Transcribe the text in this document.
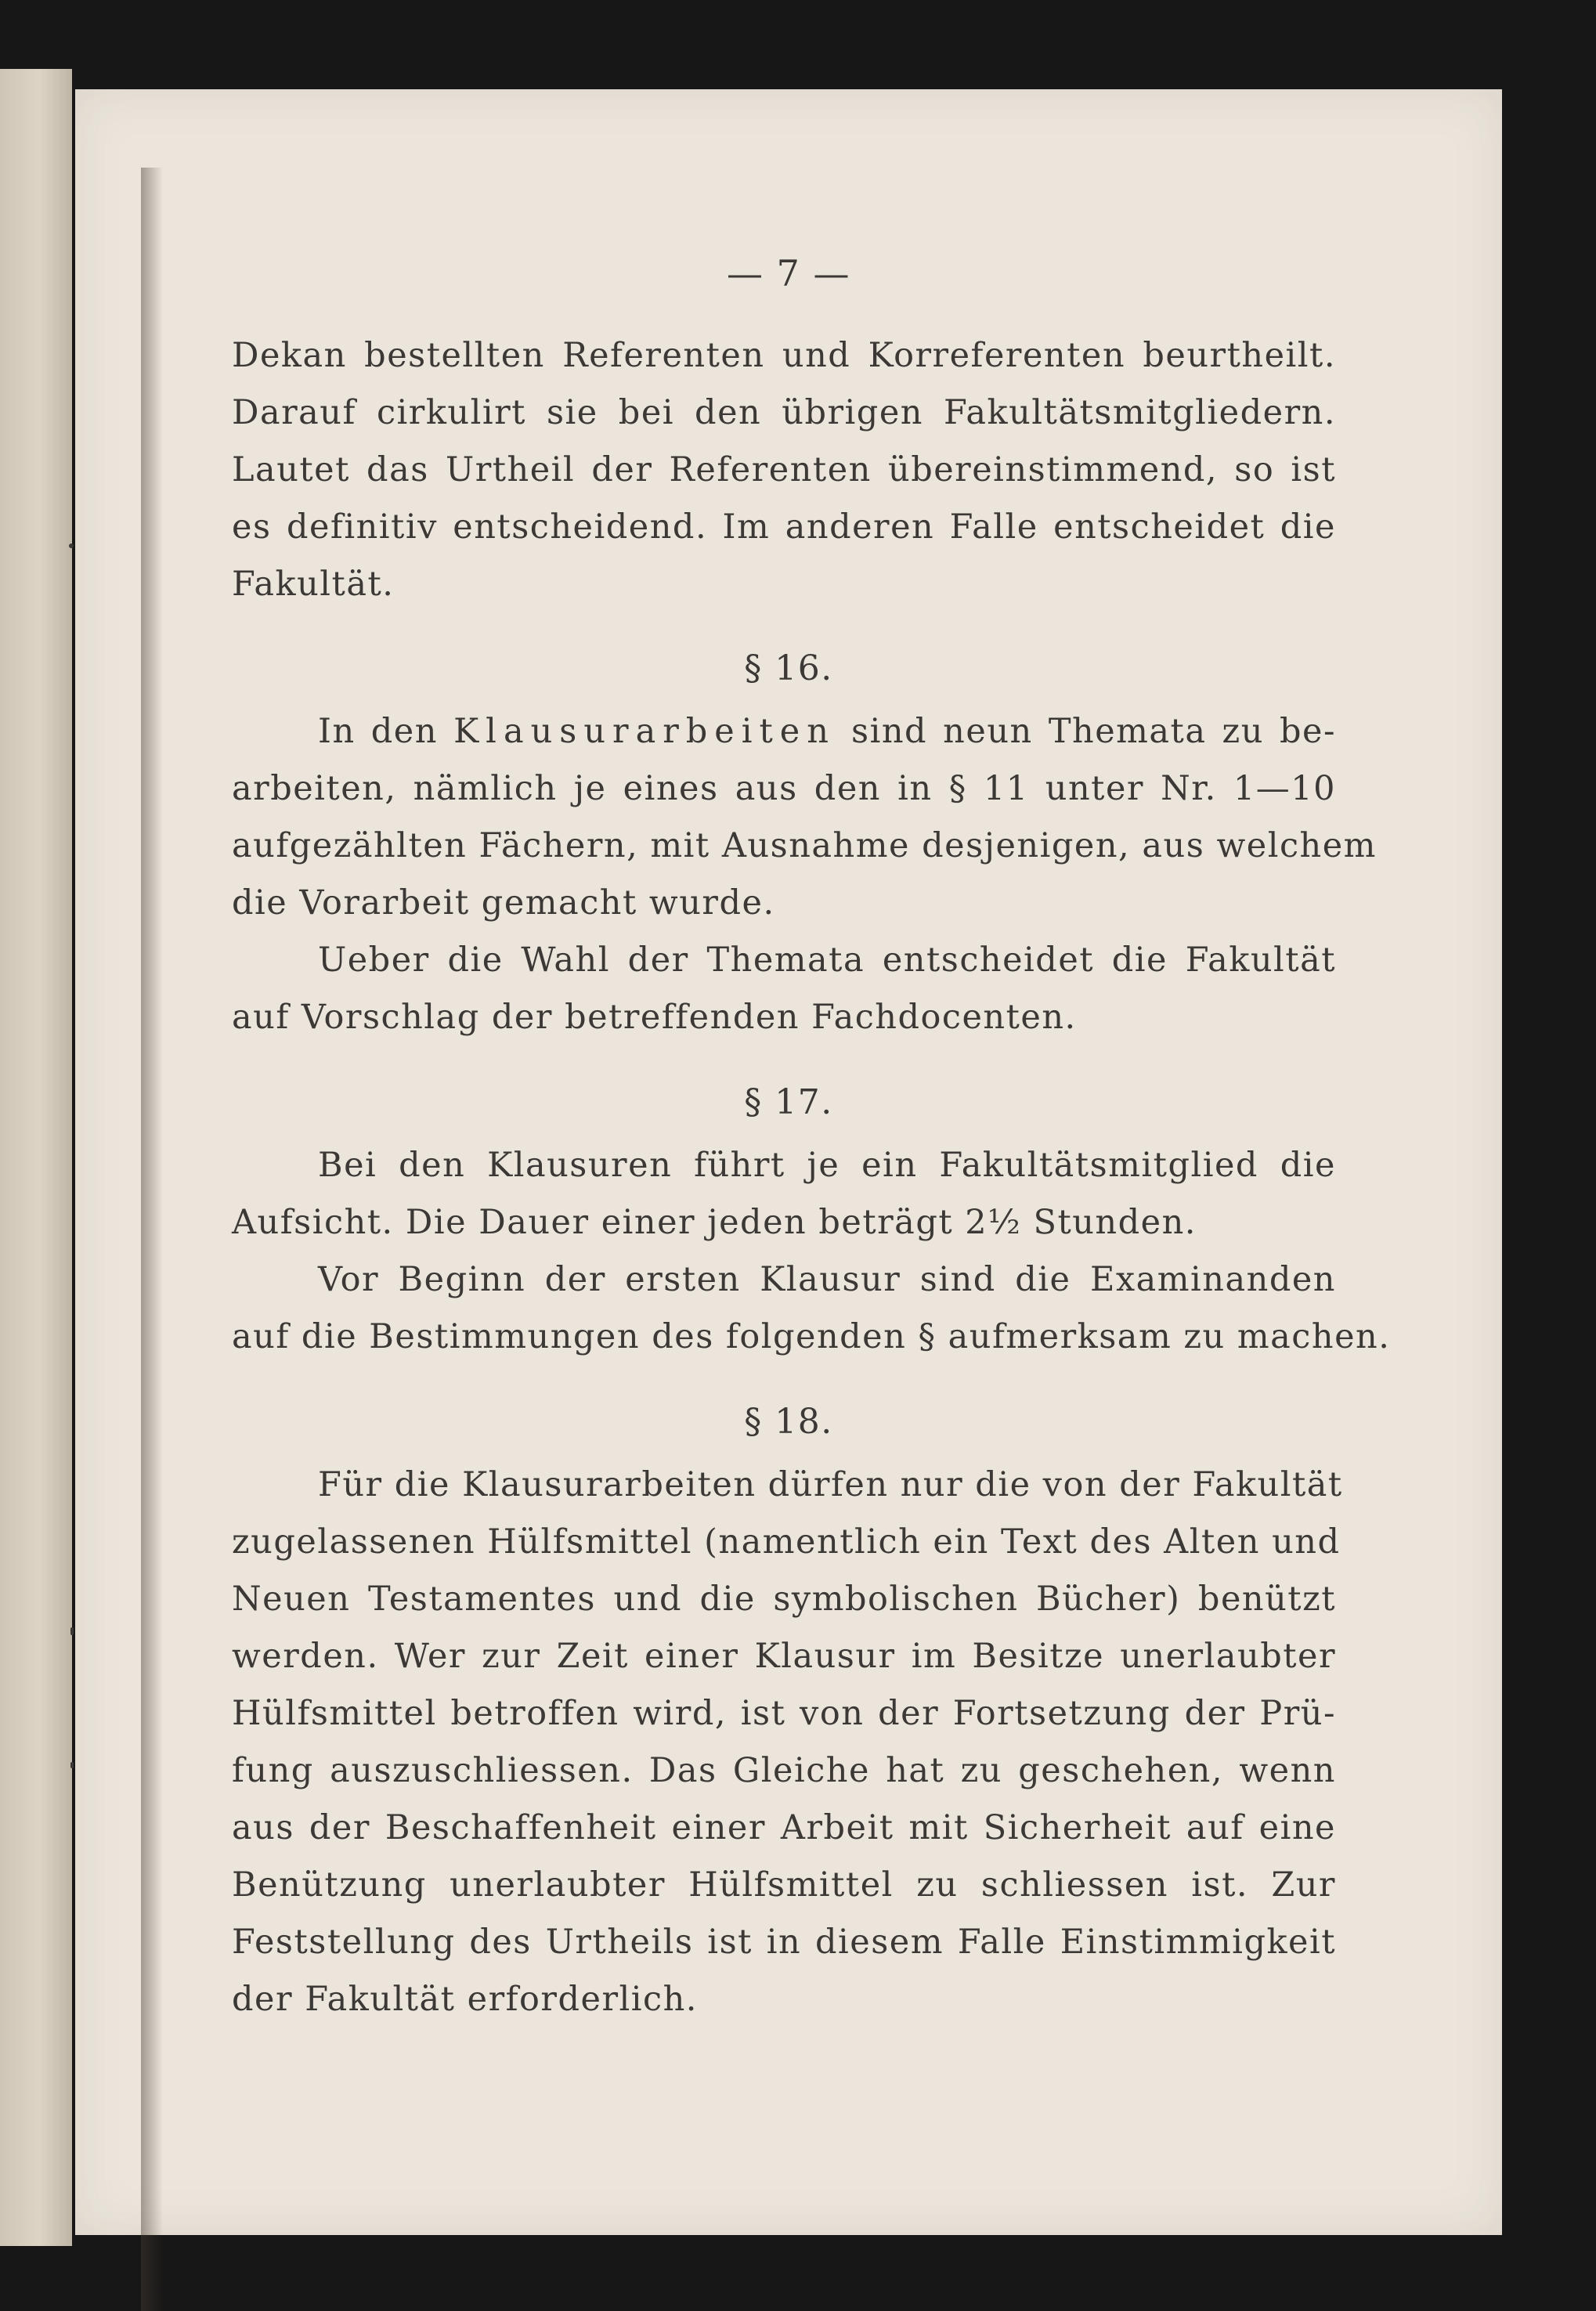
— 7 —
Dekan bestellten Referenten und Korreferenten beurtheilt.
Darauf cirkulirt sie bei den übrigen Fakultätsmitgliedern.
Lautet das Urtheil der Referenten übereinstimmend, so ist
es definitiv entscheidend. Im anderen Falle entscheidet die
Fakultät.
§ 16.
In den Klausurarbeiten sind neun Themata zu be-
arbeiten, nämlich je eines aus den in § 11 unter Nr. 1—10
aufgezählten Fächern, mit Ausnahme desjenigen, aus welchem
die Vorarbeit gemacht wurde.
Ueber die Wahl der Themata entscheidet die Fakultät
auf Vorschlag der betreffenden Fachdocenten.
§ 17.
Bei den Klausuren führt je ein Fakultätsmitglied die
Aufsicht. Die Dauer einer jeden beträgt 2½ Stunden.
Vor Beginn der ersten Klausur sind die Examinanden
auf die Bestimmungen des folgenden § aufmerksam zu machen.
§ 18.
Für die Klausurarbeiten dürfen nur die von der Fakultät
zugelassenen Hülfsmittel (namentlich ein Text des Alten und
Neuen Testamentes und die symbolischen Bücher) benützt
werden. Wer zur Zeit einer Klausur im Besitze unerlaubter
Hülfsmittel betroffen wird, ist von der Fortsetzung der Prü-
fung auszuschliessen. Das Gleiche hat zu geschehen, wenn
aus der Beschaffenheit einer Arbeit mit Sicherheit auf eine
Benützung unerlaubter Hülfsmittel zu schliessen ist. Zur
Feststellung des Urtheils ist in diesem Falle Einstimmigkeit
der Fakultät erforderlich.
